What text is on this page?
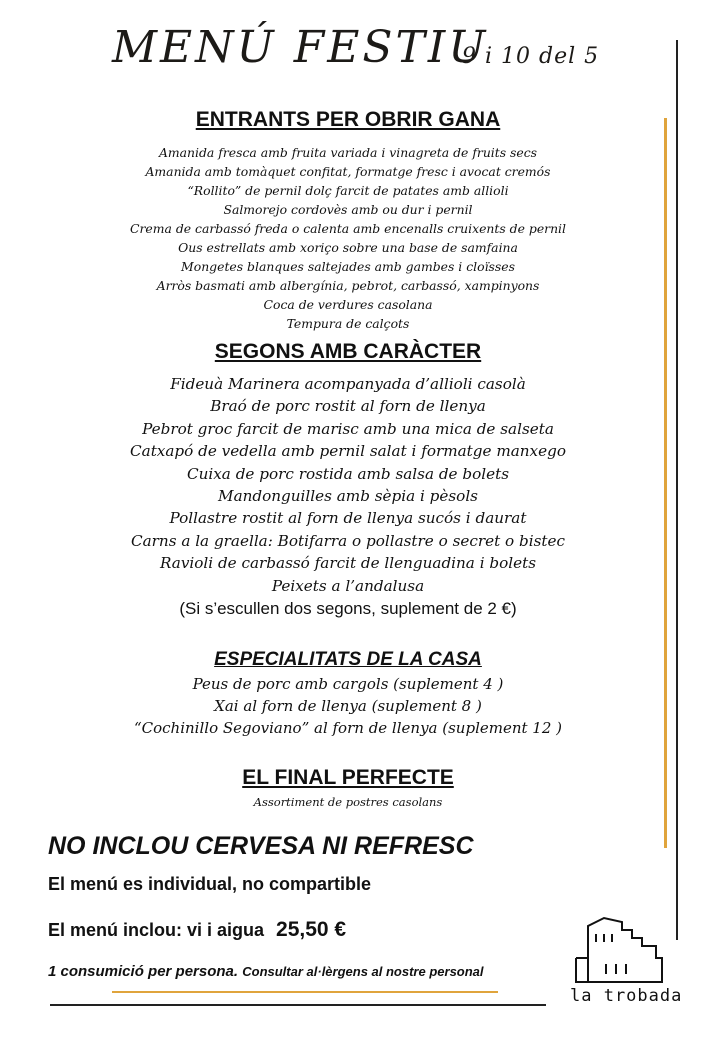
MENÚ FESTIU
9 i 10 del 5

ENTRANTS PER OBRIR GANA

Amanida fresca amb fruita variada i vinagreta de fruits secs
Amanida amb tomàquet confitat, formatge fresc i avocat cremós
“Rollito” de pernil dolç farcit de patates amb allioli
Salmorejo cordovès amb ou dur i pernil
Crema de carbassó freda o calenta amb encenalls cruixents de pernil
Ous estrellats amb xoriço sobre una base de samfaina
Mongetes blanques saltejades amb gambes i cloïsses
Arròs basmati amb albergínia, pebrot, carbassó, xampinyons
Coca de verdures casolana
Tempura de calçots

SEGONS AMB CARÀCTER

Fideuà Marinera acompanyada d’allioli casolà
Braó de porc rostit al forn de llenya
Pebrot groc farcit de marisc amb una mica de salseta
Catxapó de vedella amb pernil salat i formatge manxego
Cuixa de porc rostida amb salsa de bolets
Mandonguilles amb sèpia i pèsols
Pollastre rostit al forn de llenya sucós i daurat
Carns a la graella: Botifarra o pollastre o secret o bistec
Ravioli de carbassó farcit de llenguadina i bolets
Peixets a l’andalusa
(Si s’escullen dos segons, suplement de 2 €)

ESPECIALITATS DE LA CASA

Peus de porc amb cargols (suplement 4 )
Xai al forn de llenya (suplement 8 )
“Cochinillo Segoviano” al forn de llenya (suplement 12 )

EL FINAL PERFECTE

Assortiment de postres casolans
NO INCLOU CERVESA NI REFRESC
El menú es individual, no compartible
El menú inclou: vi i aigua 25,50 €
1 consumició per persona. Consultar al·lèrgens al nostre personal
la trobada
